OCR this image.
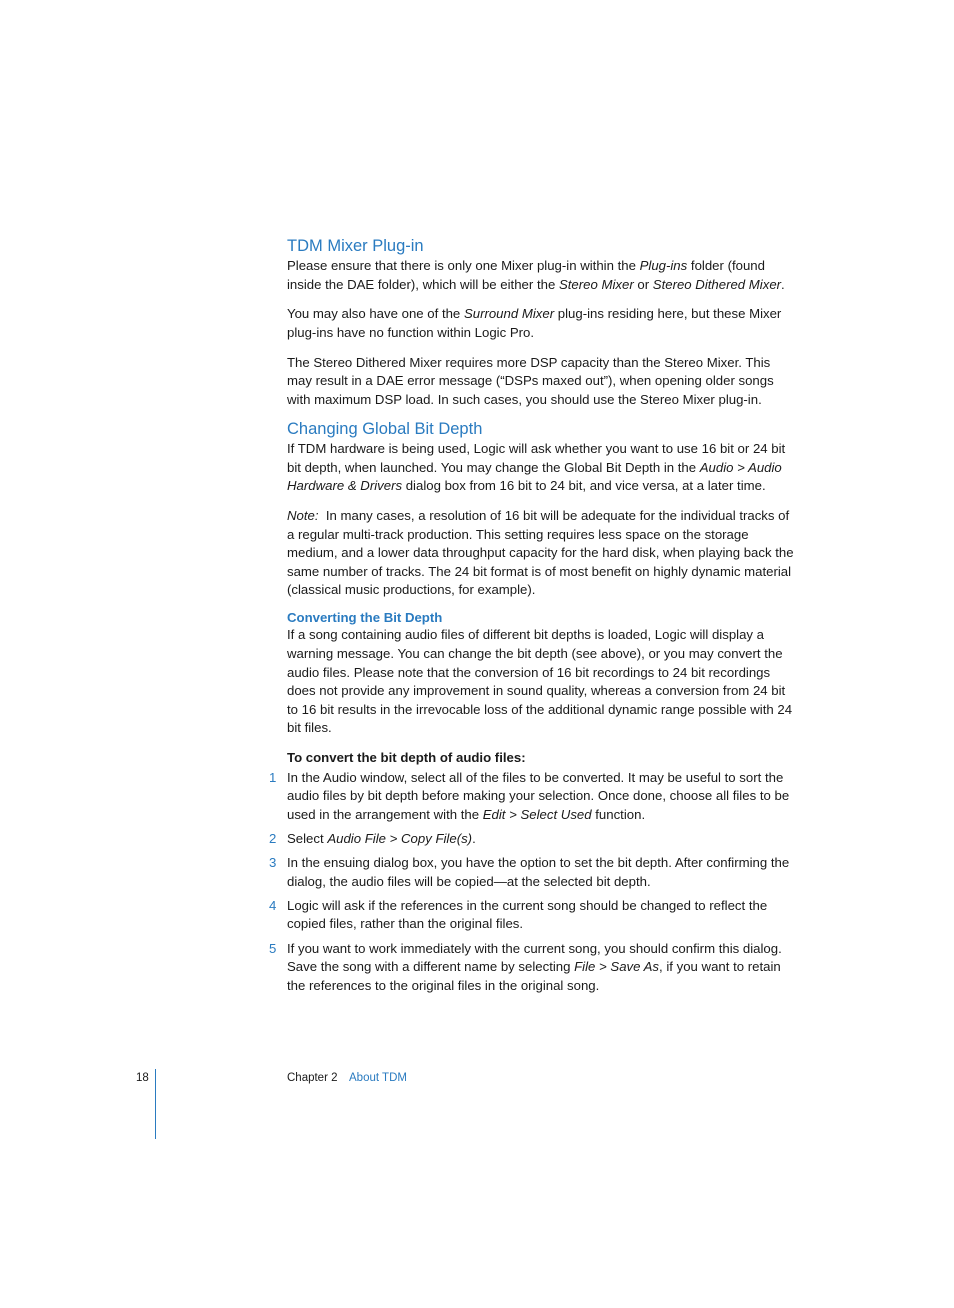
TDM Mixer Plug-in

Please ensure that there is only one Mixer plug-in within the Plug-ins folder (found inside the DAE folder), which will be either the Stereo Mixer or Stereo Dithered Mixer.

You may also have one of the Surround Mixer plug-ins residing here, but these Mixer plug-ins have no function within Logic Pro.

The Stereo Dithered Mixer requires more DSP capacity than the Stereo Mixer. This may result in a DAE error message (“DSPs maxed out”), when opening older songs with maximum DSP load. In such cases, you should use the Stereo Mixer plug-in.

Changing Global Bit Depth

If TDM hardware is being used, Logic will ask whether you want to use 16 bit or 24 bit bit depth, when launched. You may change the Global Bit Depth in the Audio > Audio Hardware & Drivers dialog box from 16 bit to 24 bit, and vice versa, at a later time.

Note: In many cases, a resolution of 16 bit will be adequate for the individual tracks of a regular multi-track production. This setting requires less space on the storage medium, and a lower data throughput capacity for the hard disk, when playing back the same number of tracks. The 24 bit format is of most benefit on highly dynamic material (classical music productions, for example).

Converting the Bit Depth

If a song containing audio files of different bit depths is loaded, Logic will display a warning message. You can change the bit depth (see above), or you may convert the audio files. Please note that the conversion of 16 bit recordings to 24 bit recordings does not provide any improvement in sound quality, whereas a conversion from 24 bit to 16 bit results in the irrevocable loss of the additional dynamic range possible with 24 bit files.

To convert the bit depth of audio files:

1 In the Audio window, select all of the files to be converted. It may be useful to sort the audio files by bit depth before making your selection. Once done, choose all files to be used in the arrangement with the Edit > Select Used function.
2 Select Audio File > Copy File(s).
3 In the ensuing dialog box, you have the option to set the bit depth. After confirming the dialog, the audio files will be copied—at the selected bit depth.
4 Logic will ask if the references in the current song should be changed to reflect the copied files, rather than the original files.
5 If you want to work immediately with the current song, you should confirm this dialog. Save the song with a different name by selecting File > Save As, if you want to retain the references to the original files in the original song.
18	Chapter 2 About TDM
